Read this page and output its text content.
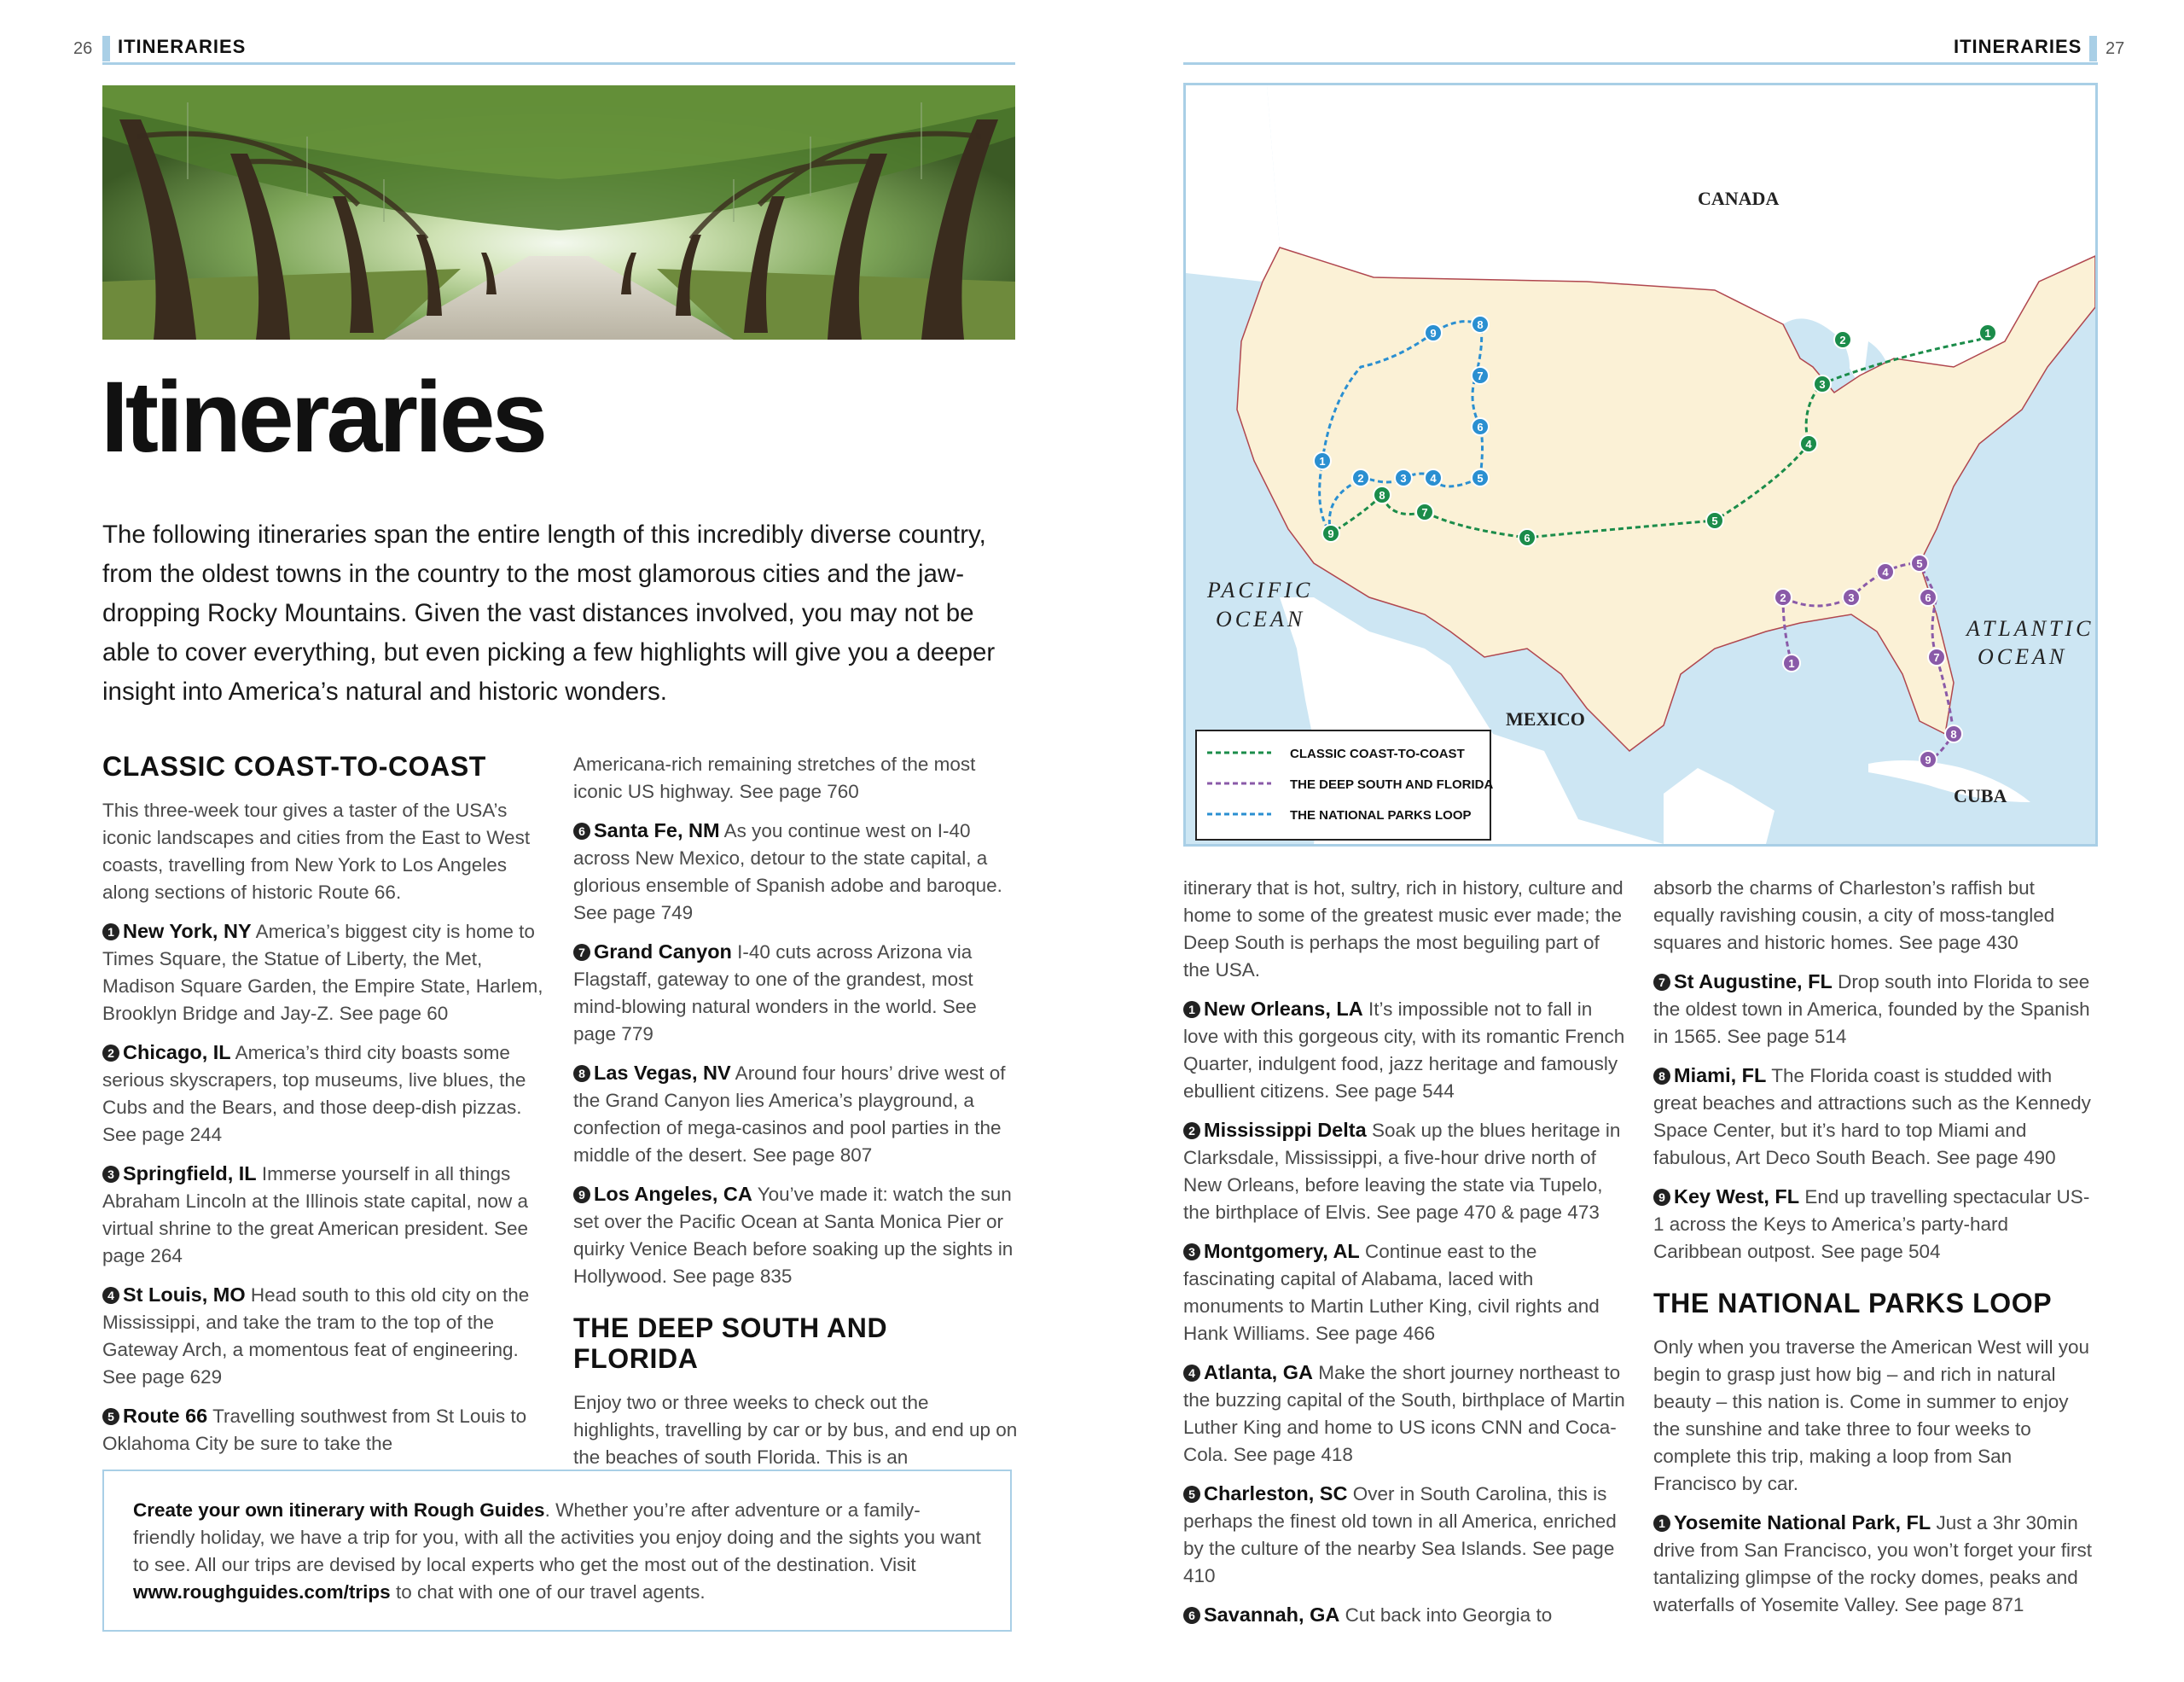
26 ITINERARIES	ITINERARIES 27
Itineraries

The following itineraries span the entire length of this incredibly diverse country, from the oldest towns in the country to the most glamorous cities and the jaw-dropping Rocky Mountains. Given the vast distances involved, you may not be able to cover everything, but even picking a few highlights will give you a deeper insight into America’s natural and historic wonders.

CLASSIC COAST-TO-COAST

This three-week tour gives a taster of the USA’s iconic landscapes and cities from the East to West coasts, travelling from New York to Los Angeles along sections of historic Route 66.

1 New York, NY America’s biggest city is home to Times Square, the Statue of Liberty, the Met, Madison Square Garden, the Empire State, Harlem, Brooklyn Bridge and Jay-Z. See page 60

2 Chicago, IL America’s third city boasts some serious skyscrapers, top museums, live blues, the Cubs and the Bears, and those deep-dish pizzas. See page 244

3 Springfield, IL Immerse yourself in all things Abraham Lincoln at the Illinois state capital, now a virtual shrine to the great American president. See page 264

4 St Louis, MO Head south to this old city on the Mississippi, and take the tram to the top of the Gateway Arch, a momentous feat of engineering. See page 629

5 Route 66 Travelling southwest from St Louis to Oklahoma City be sure to take the

Americana-rich remaining stretches of the most iconic US highway. See page 760

6 Santa Fe, NM As you continue west on I-40 across New Mexico, detour to the state capital, a glorious ensemble of Spanish adobe and baroque. See page 749

7 Grand Canyon I-40 cuts across Arizona via Flagstaff, gateway to one of the grandest, most mind-blowing natural wonders in the world. See page 779

8 Las Vegas, NV Around four hours’ drive west of the Grand Canyon lies America’s playground, a confection of mega-casinos and pool parties in the middle of the desert. See page 807

9 Los Angeles, CA You’ve made it: watch the sun set over the Pacific Ocean at Santa Monica Pier or quirky Venice Beach before soaking up the sights in Hollywood. See page 835

THE DEEP SOUTH AND FLORIDA

Enjoy two or three weeks to check out the highlights, travelling by car or by bus, and end up on the beaches of south Florida. This is an

Create your own itinerary with Rough Guides. Whether you’re after adventure or a family-friendly holiday, we have a trip for you, with all the activities you enjoy doing and the sights you want to see. All our trips are devised by local experts who get the most out of the destination. Visit www.roughguides.com/trips to chat with one of our travel agents.
1
2
3
4
5
6
7
8
9
1
2	3
4
5
6
7
8
9
1
2	3 4	5
6
7
8
9
CANADA
PACIFIC
OCEAN	ATLANTIC
OCEAN
MEXICO
CUBA
CLASSIC COAST-TO-COAST
THE DEEP SOUTH AND FLORIDA
THE NATIONAL PARKS LOOP

itinerary that is hot, sultry, rich in history, culture and home to some of the greatest music ever made; the Deep South is perhaps the most beguiling part of the USA.

1 New Orleans, LA It’s impossible not to fall in love with this gorgeous city, with its romantic French Quarter, indulgent food, jazz heritage and famously ebullient citizens. See page 544

2 Mississippi Delta Soak up the blues heritage in Clarksdale, Mississippi, a five-hour drive north of New Orleans, before leaving the state via Tupelo, the birthplace of Elvis. See page 470 & page 473

3 Montgomery, AL Continue east to the fascinating capital of Alabama, laced with monuments to Martin Luther King, civil rights and Hank Williams. See page 466

4 Atlanta, GA Make the short journey northeast to the buzzing capital of the South, birthplace of Martin Luther King and home to US icons CNN and Coca-Cola. See page 418

5 Charleston, SC Over in South Carolina, this is perhaps the finest old town in all America, enriched by the culture of the nearby Sea Islands. See page 410

6 Savannah, GA Cut back into Georgia to

absorb the charms of Charleston’s raffish but equally ravishing cousin, a city of moss-tangled squares and historic homes. See page 430

7 St Augustine, FL Drop south into Florida to see the oldest town in America, founded by the Spanish in 1565. See page 514

8 Miami, FL The Florida coast is studded with great beaches and attractions such as the Kennedy Space Center, but it’s hard to top Miami and fabulous, Art Deco South Beach. See page 490

9 Key West, FL End up travelling spectacular US-1 across the Keys to America’s party-hard Caribbean outpost. See page 504

THE NATIONAL PARKS LOOP

Only when you traverse the American West will you begin to grasp just how big – and rich in natural beauty – this nation is. Come in summer to enjoy the sunshine and take three to four weeks to complete this trip, making a loop from San Francisco by car.

1 Yosemite National Park, FL Just a 3hr 30min drive from San Francisco, you won’t forget your first tantalizing glimpse of the rocky domes, peaks and waterfalls of Yosemite Valley. See page 871
